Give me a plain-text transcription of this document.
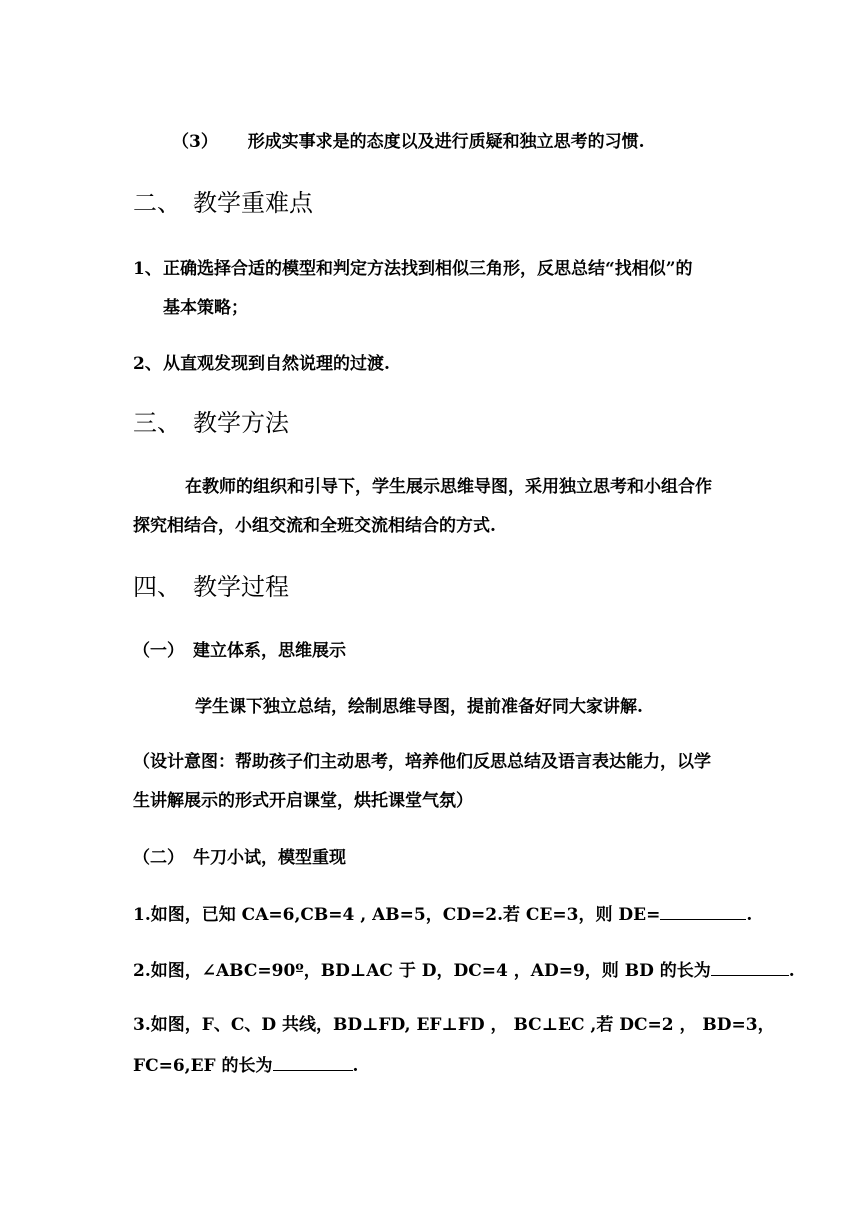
（3） 形成实事求是的态度以及进行质疑和独立思考的习惯.
二、 教学重难点
1、正确选择合适的模型和判定方法找到相似三角形，反思总结“找相似”的
基本策略；
2、从直观发现到自然说理的过渡.
三、 教学方法
在教师的组织和引导下，学生展示思维导图，采用独立思考和小组合作
探究相结合，小组交流和全班交流相结合的方式.
四、 教学过程
（一） 建立体系，思维展示
学生课下独立总结，绘制思维导图，提前准备好同大家讲解.
（设计意图：帮助孩子们主动思考，培养他们反思总结及语言表达能力，以学
生讲解展示的形式开启课堂，烘托课堂气氛）
（二） 牛刀小试，模型重现
1.如图，已知 CA=6,CB=4 , AB=5，CD=2.若 CE=3，则 DE=	.
2.如图，∠ABC=90º，BD⊥AC 于 D，DC=4 ，AD=9，则 BD 的长为	.
3.如图，F、C、D 共线，BD⊥FD, EF⊥FD ， BC⊥EC ,若 DC=2 ， BD=3，
FC=6,EF 的长为	.
